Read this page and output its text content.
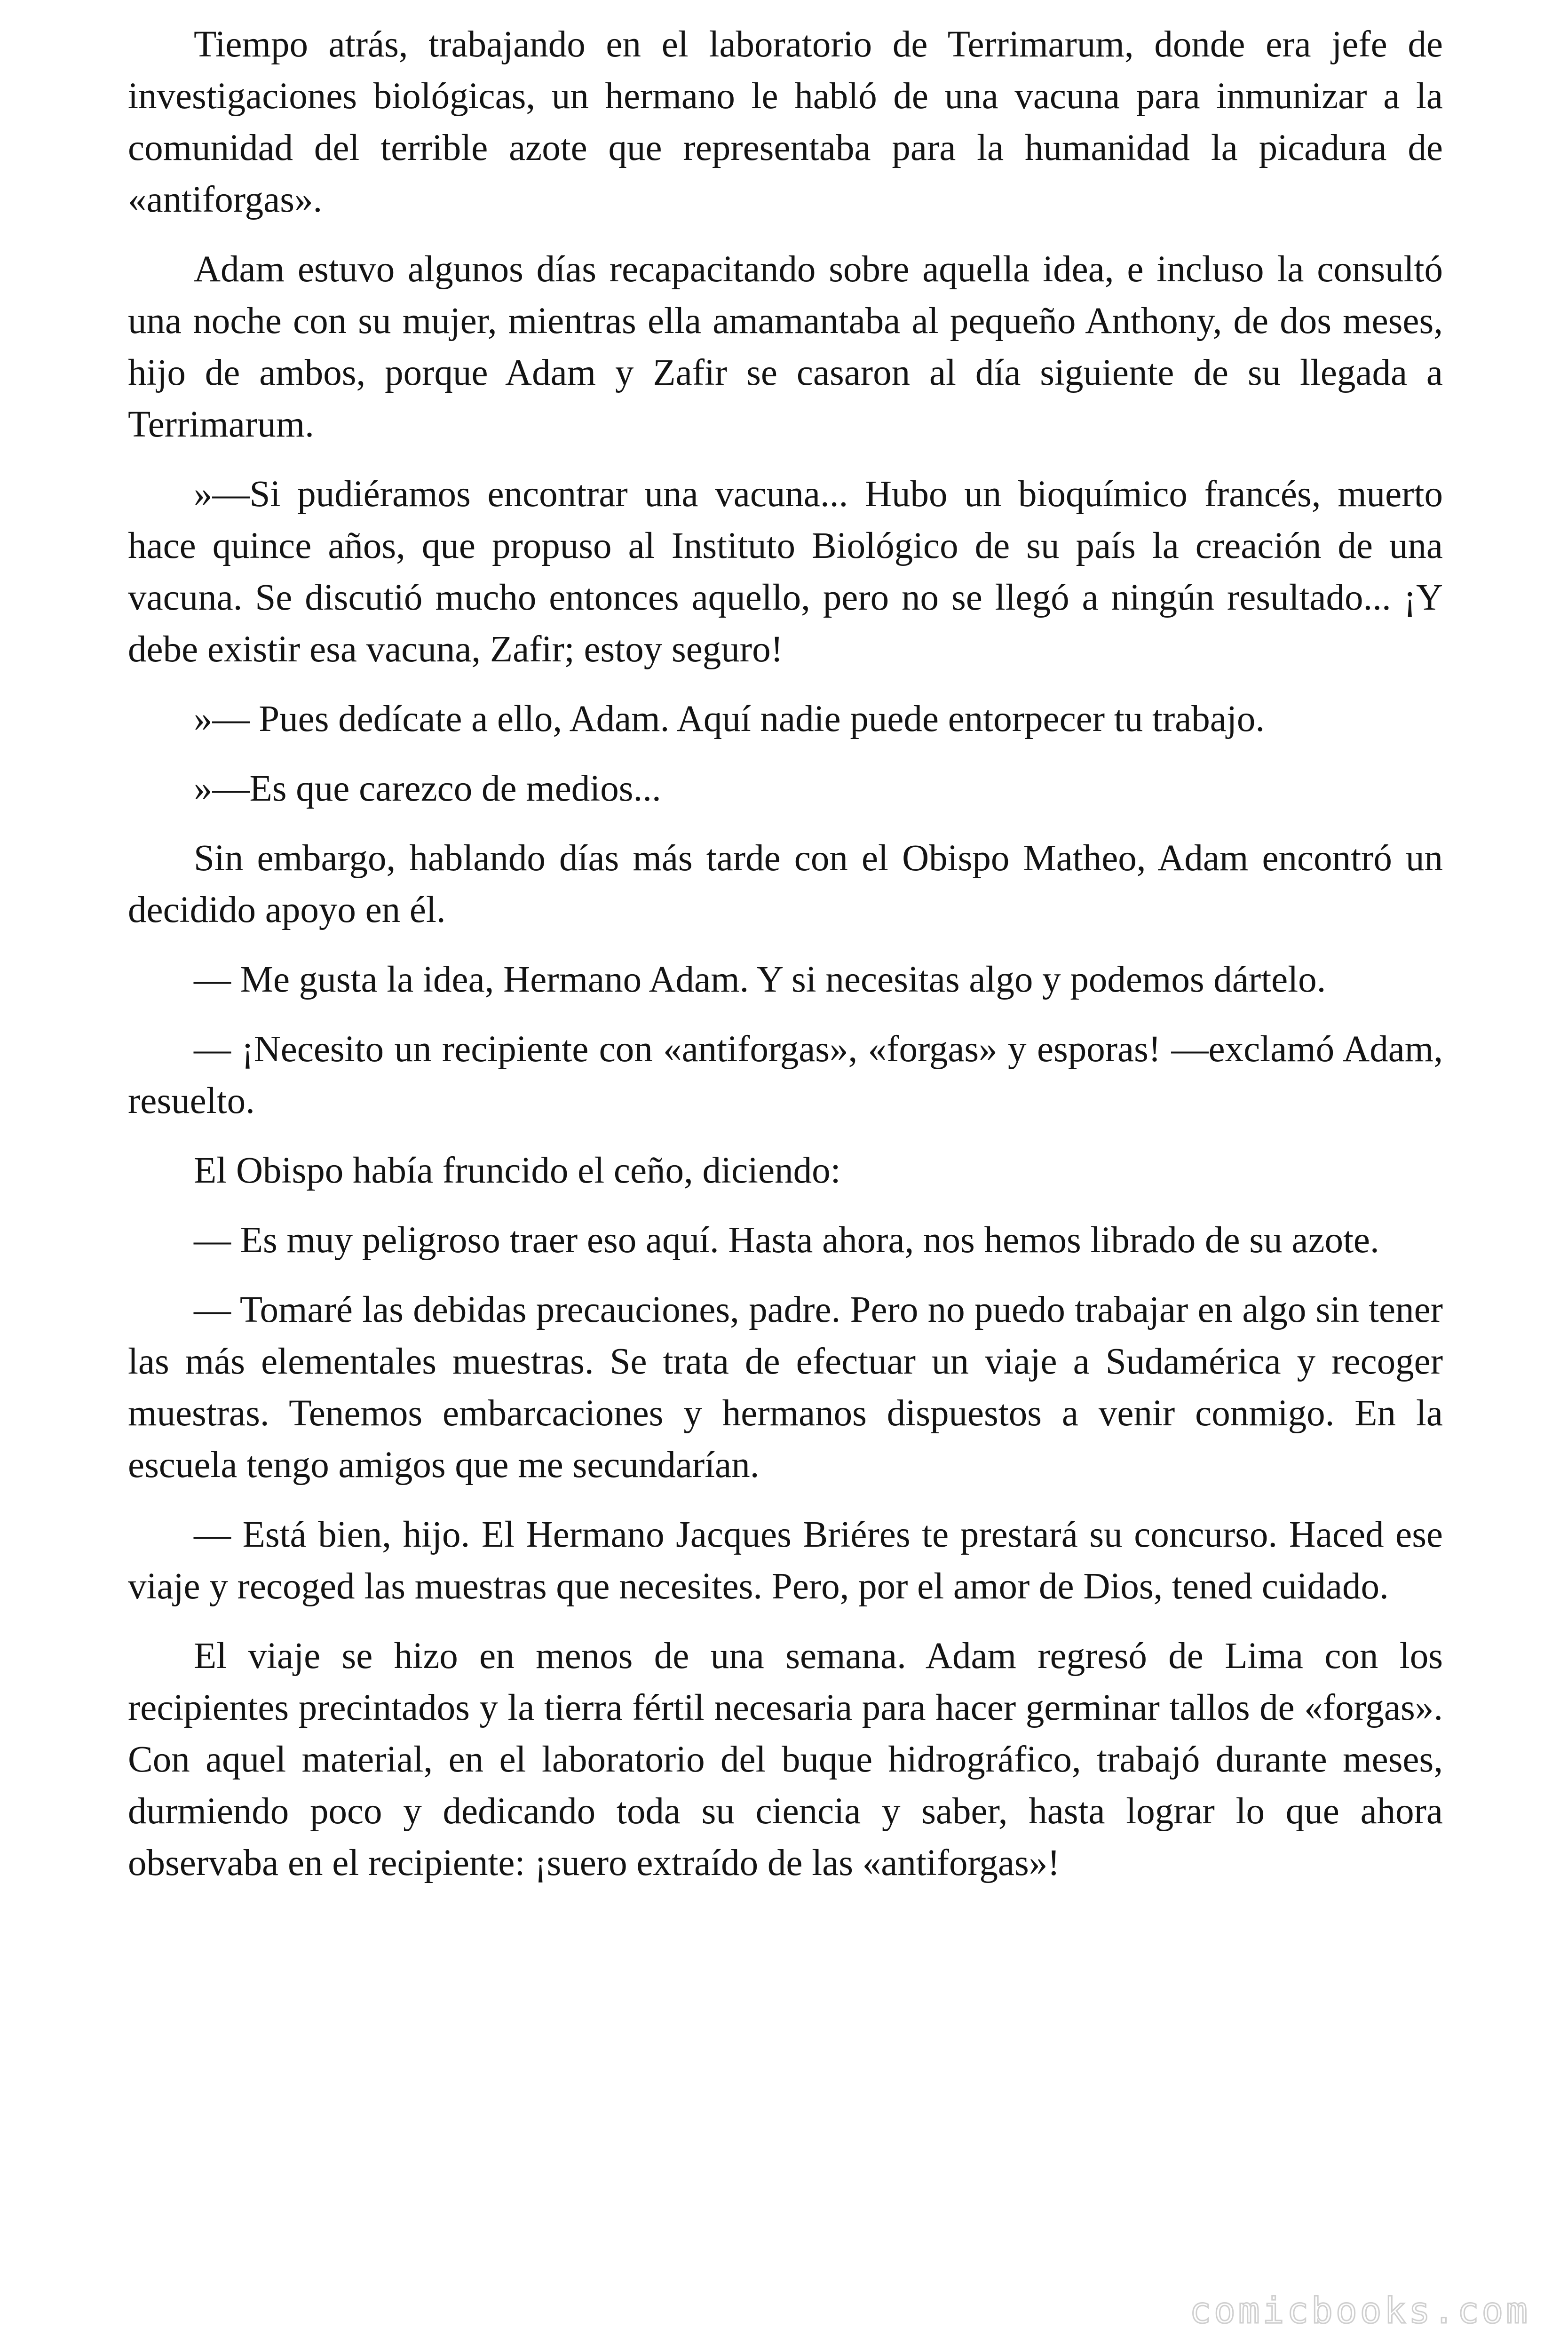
Tiempo atrás, trabajando en el laboratorio de Terrimarum, donde era jefe de investigaciones biológicas, un hermano le habló de una vacuna para inmunizar a la comunidad del terrible azote que representaba para la humanidad la picadura de «antiforgas».

Adam estuvo algunos días recapacitando sobre aquella idea, e incluso la consultó una noche con su mujer, mientras ella amamantaba al pequeño Anthony, de dos meses, hijo de ambos, porque Adam y Zafir se casaron al día siguiente de su llegada a Terrimarum.

»—Si pudiéramos encontrar una vacuna... Hubo un bioquímico francés, muerto hace quince años, que propuso al Instituto Biológico de su país la creación de una vacuna. Se discutió mucho entonces aquello, pero no se llegó a ningún resultado... ¡Y debe existir esa vacuna, Zafir; estoy seguro!

»— Pues dedícate a ello, Adam. Aquí nadie puede entorpecer tu trabajo.

»—Es que carezco de medios...

Sin embargo, hablando días más tarde con el Obispo Matheo, Adam encontró un decidido apoyo en él.

— Me gusta la idea, Hermano Adam. Y si necesitas algo y podemos dártelo.

— ¡Necesito un recipiente con «antiforgas», «forgas» y esporas! —exclamó Adam, resuelto.

El Obispo había fruncido el ceño, diciendo:

— Es muy peligroso traer eso aquí. Hasta ahora, nos hemos librado de su azote.

— Tomaré las debidas precauciones, padre. Pero no puedo trabajar en algo sin tener las más elementales muestras. Se trata de efectuar un viaje a Sudamérica y recoger muestras. Tenemos embarcaciones y hermanos dispuestos a venir conmigo. En la escuela tengo amigos que me secundarían.

— Está bien, hijo. El Hermano Jacques Briéres te prestará su concurso. Haced ese viaje y recoged las muestras que necesites. Pero, por el amor de Dios, tened cuidado.

El viaje se hizo en menos de una semana. Adam regresó de Lima con los recipientes precintados y la tierra fértil necesaria para hacer germinar tallos de «forgas». Con aquel material, en el laboratorio del buque hidrográfico, trabajó durante meses, durmiendo poco y dedicando toda su ciencia y saber, hasta lograr lo que ahora observaba en el recipiente: ¡suero extraído de las «antiforgas»!

comicbooks.com
